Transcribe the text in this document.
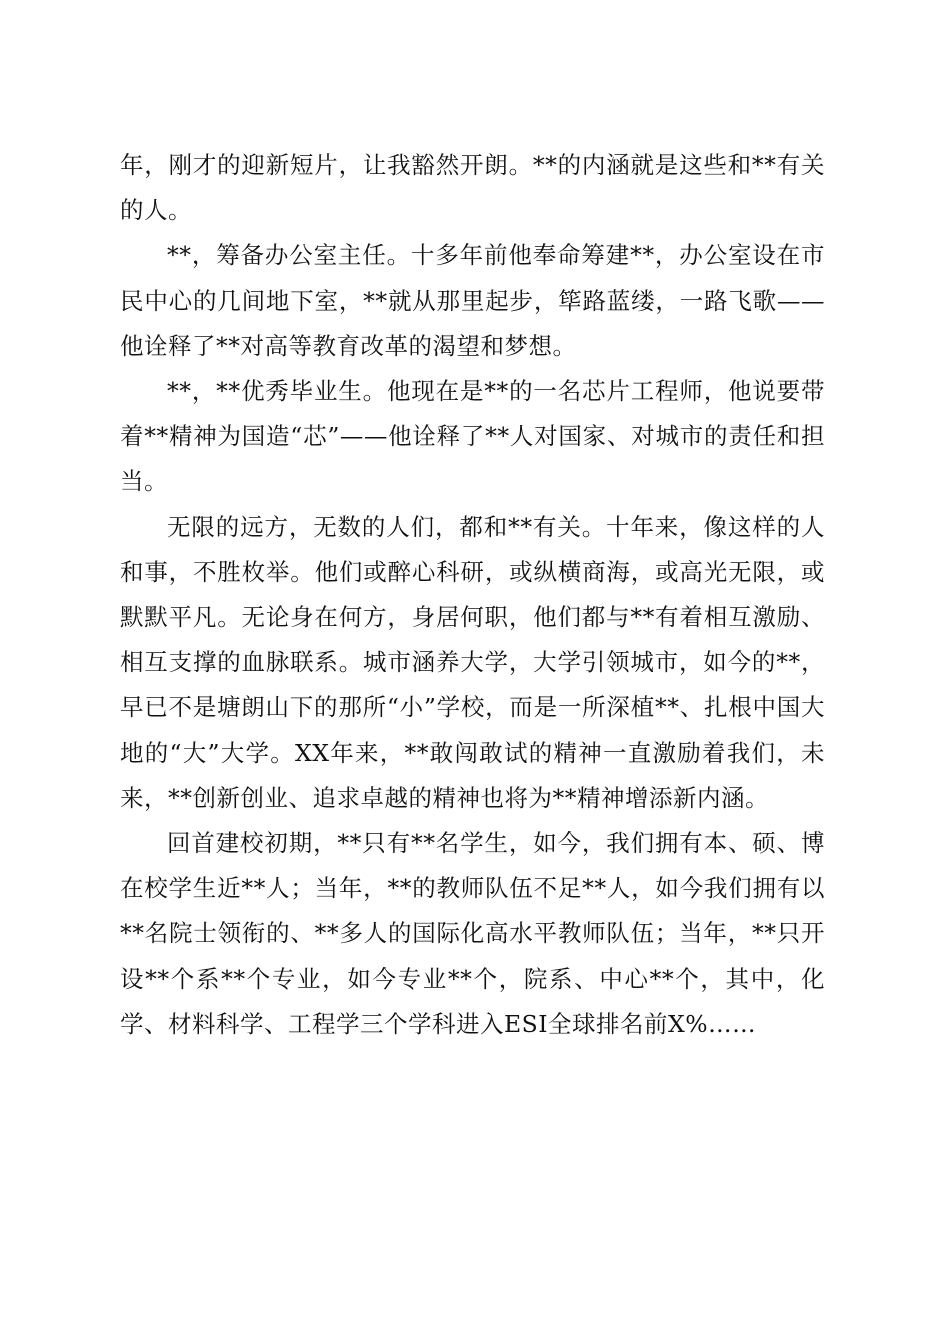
年，刚才的迎新短片，让我豁然开朗。**的内涵就是这些和**有关的人。

**，筹备办公室主任。十多年前他奉命筹建**，办公室设在市民中心的几间地下室，**就从那里起步，筚路蓝缕，一路飞歌——他诠释了**对高等教育改革的渴望和梦想。

**，**优秀毕业生。他现在是**的一名芯片工程师，他说要带着**精神为国造“芯”——他诠释了**人对国家、对城市的责任和担当。

无限的远方，无数的人们，都和**有关。十年来，像这样的人和事，不胜枚举。他们或醉心科研，或纵横商海，或高光无限，或默默平凡。无论身在何方，身居何职，他们都与**有着相互激励、相互支撑的血脉联系。城市涵养大学，大学引领城市，如今的**，早已不是塘朗山下的那所“小”学校，而是一所深植**、扎根中国大地的“大”大学。XX年来，**敢闯敢试的精神一直激励着我们，未来，**创新创业、追求卓越的精神也将为**精神增添新内涵。

回首建校初期，**只有**名学生，如今，我们拥有本、硕、博在校学生近**人；当年，**的教师队伍不足**人，如今我们拥有以**名院士领衔的、**多人的国际化高水平教师队伍；当年，**只开设**个系**个专业，如今专业**个，院系、中心**个，其中，化学、材料科学、工程学三个学科进入ESI全球排名前X%……
